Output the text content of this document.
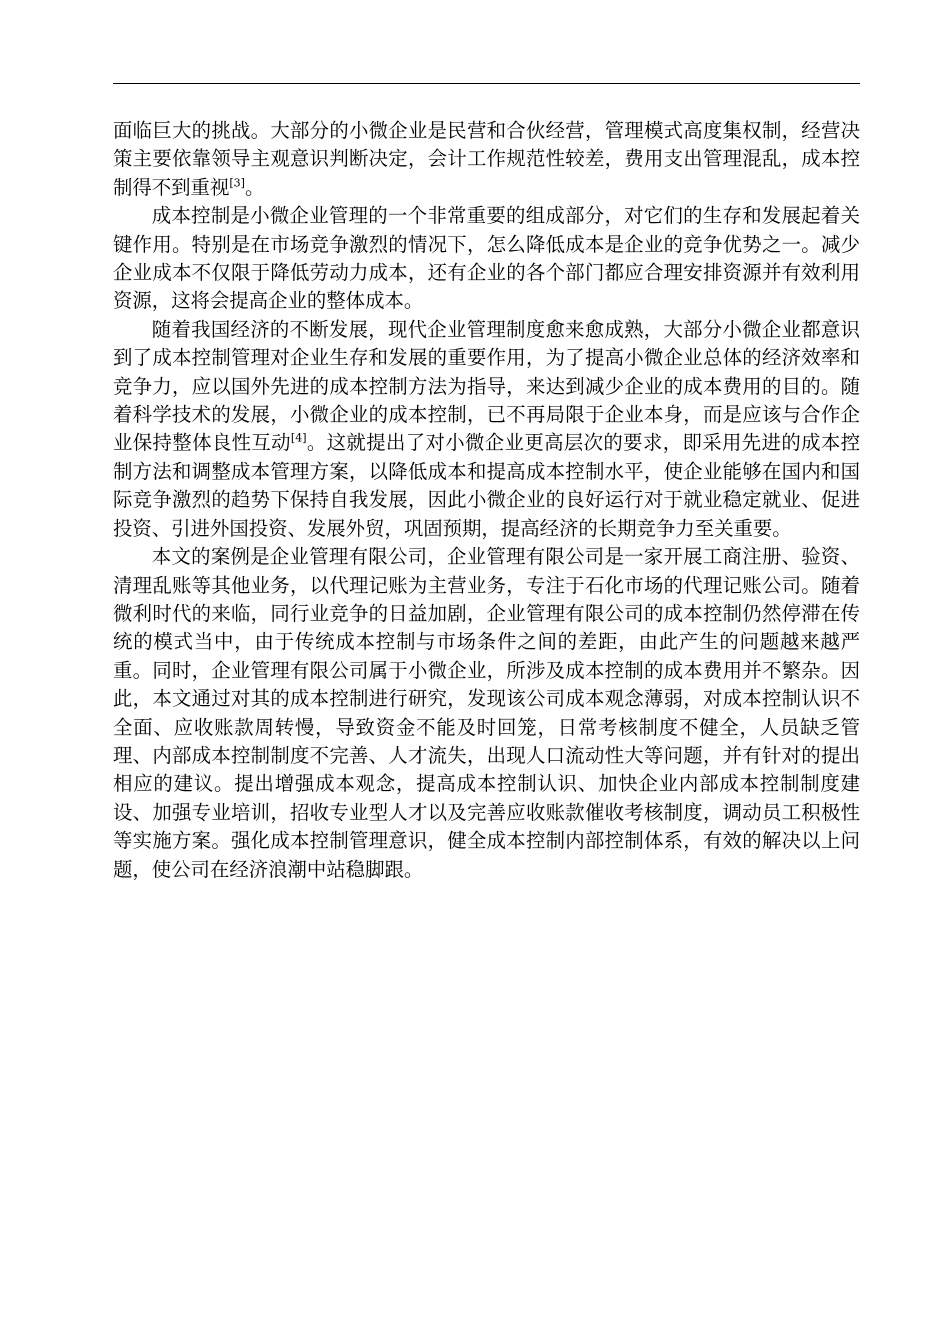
面临巨大的挑战。大部分的小微企业是民营和合伙经营，管理模式高度集权制，经营决策主要依靠领导主观意识判断决定，会计工作规范性较差，费用支出管理混乱，成本控制得不到重视[3]。

成本控制是小微企业管理的一个非常重要的组成部分，对它们的生存和发展起着关键作用。特别是在市场竞争激烈的情况下，怎么降低成本是企业的竞争优势之一。减少企业成本不仅限于降低劳动力成本，还有企业的各个部门都应合理安排资源并有效利用资源，这将会提高企业的整体成本。

随着我国经济的不断发展，现代企业管理制度愈来愈成熟，大部分小微企业都意识到了成本控制管理对企业生存和发展的重要作用，为了提高小微企业总体的经济效率和竞争力，应以国外先进的成本控制方法为指导，来达到减少企业的成本费用的目的。随着科学技术的发展，小微企业的成本控制，已不再局限于企业本身，而是应该与合作企业保持整体良性互动[4]。这就提出了对小微企业更高层次的要求，即采用先进的成本控制方法和调整成本管理方案，以降低成本和提高成本控制水平，使企业能够在国内和国际竞争激烈的趋势下保持自我发展，因此小微企业的良好运行对于就业稳定就业、促进投资、引进外国投资、发展外贸，巩固预期，提高经济的长期竞争力至关重要。

本文的案例是企业管理有限公司，企业管理有限公司是一家开展工商注册、验资、清理乱账等其他业务，以代理记账为主营业务，专注于石化市场的代理记账公司。随着微利时代的来临，同行业竞争的日益加剧，企业管理有限公司的成本控制仍然停滞在传统的模式当中，由于传统成本控制与市场条件之间的差距，由此产生的问题越来越严重。同时，企业管理有限公司属于小微企业，所涉及成本控制的成本费用并不繁杂。因此，本文通过对其的成本控制进行研究，发现该公司成本观念薄弱，对成本控制认识不全面、应收账款周转慢，导致资金不能及时回笼，日常考核制度不健全，人员缺乏管理、内部成本控制制度不完善、人才流失，出现人口流动性大等问题，并有针对的提出相应的建议。提出增强成本观念，提高成本控制认识、加快企业内部成本控制制度建设、加强专业培训，招收专业型人才以及完善应收账款催收考核制度，调动员工积极性等实施方案。强化成本控制管理意识，健全成本控制内部控制体系，有效的解决以上问题，使公司在经济浪潮中站稳脚跟。
